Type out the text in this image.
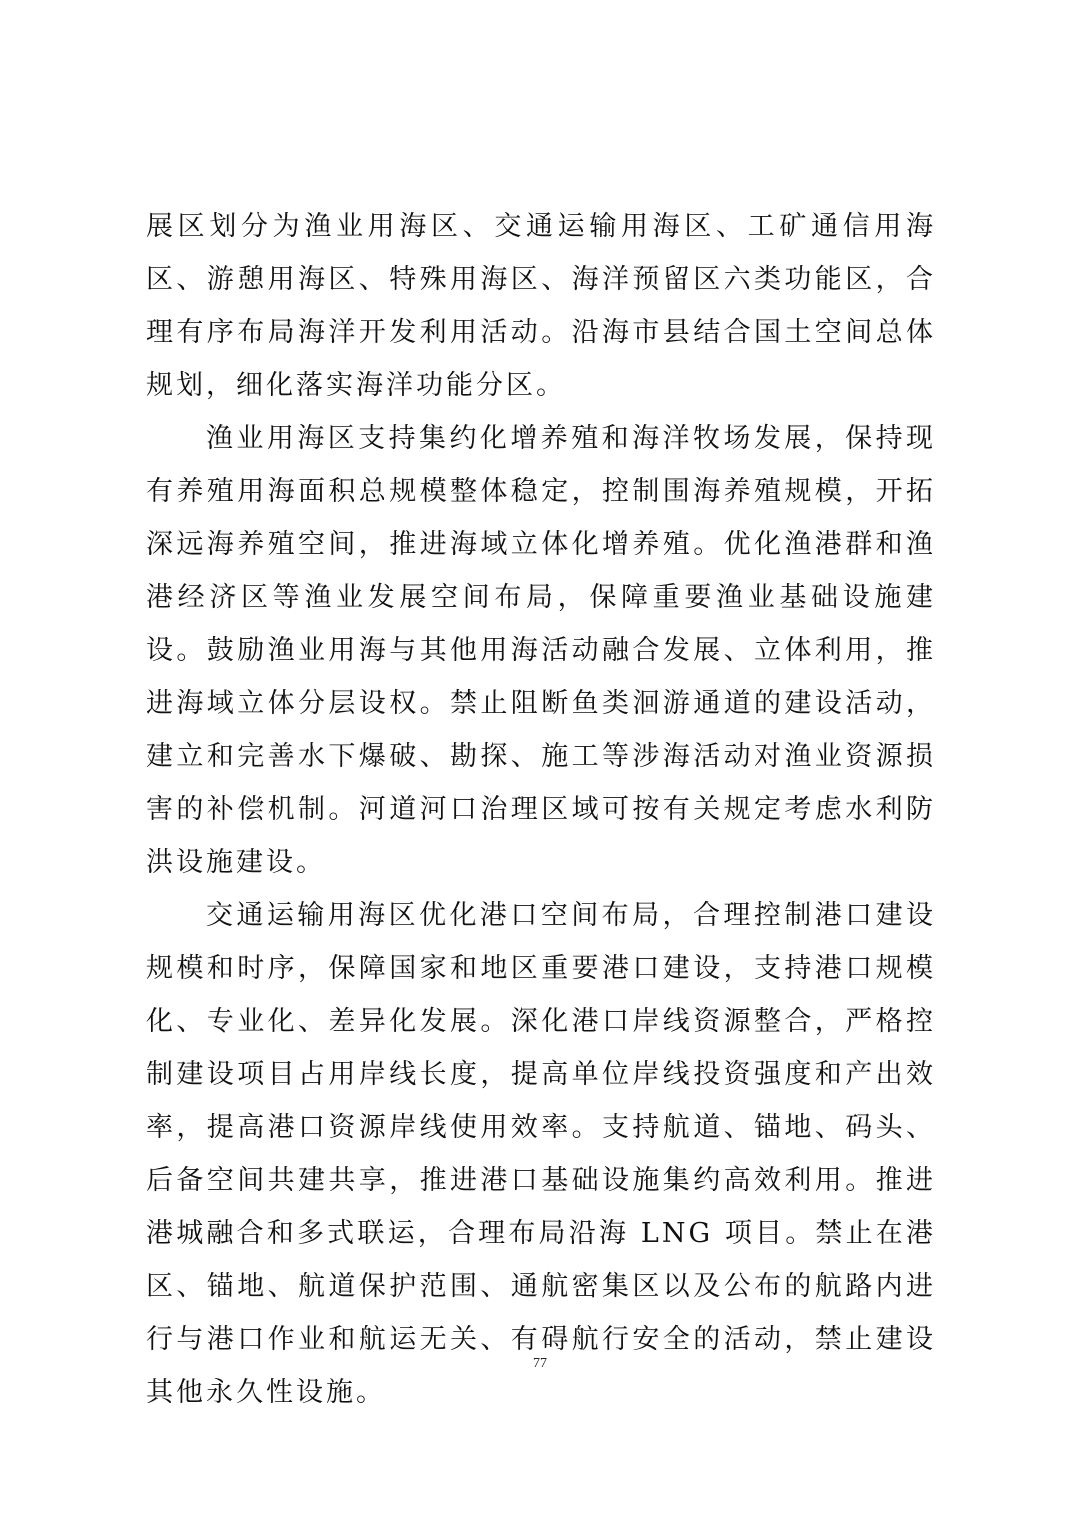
展区划分为渔业用海区、交通运输用海区、工矿通信用海区、游憩用海区、特殊用海区、海洋预留区六类功能区，合理有序布局海洋开发利用活动。沿海市县结合国土空间总体规划，细化落实海洋功能分区。

渔业用海区支持集约化增养殖和海洋牧场发展，保持现有养殖用海面积总规模整体稳定，控制围海养殖规模，开拓深远海养殖空间，推进海域立体化增养殖。优化渔港群和渔港经济区等渔业发展空间布局，保障重要渔业基础设施建设。鼓励渔业用海与其他用海活动融合发展、立体利用，推进海域立体分层设权。禁止阻断鱼类洄游通道的建设活动，建立和完善水下爆破、勘探、施工等涉海活动对渔业资源损害的补偿机制。河道河口治理区域可按有关规定考虑水利防洪设施建设。

交通运输用海区优化港口空间布局，合理控制港口建设规模和时序，保障国家和地区重要港口建设，支持港口规模化、专业化、差异化发展。深化港口岸线资源整合，严格控制建设项目占用岸线长度，提高单位岸线投资强度和产出效率，提高港口资源岸线使用效率。支持航道、锚地、码头、后备空间共建共享，推进港口基础设施集约高效利用。推进港城融合和多式联运，合理布局沿海 LNG 项目。禁止在港区、锚地、航道保护范围、通航密集区以及公布的航路内进行与港口作业和航运无关、有碍航行安全的活动，禁止建设其他永久性设施。

77
